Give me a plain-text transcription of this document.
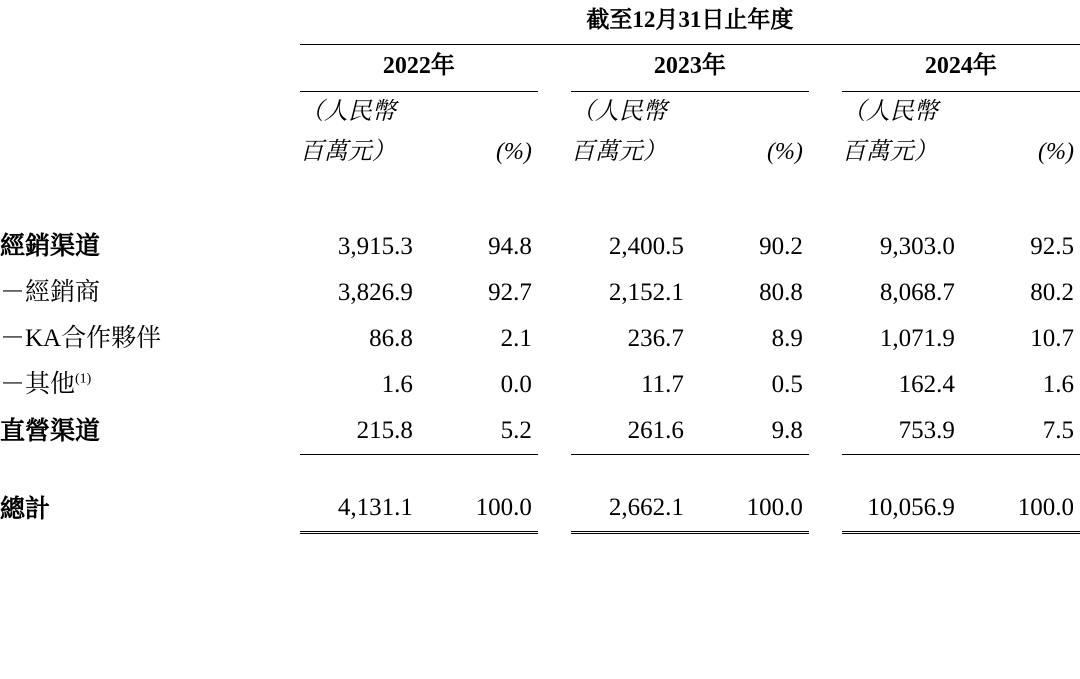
	截至12月31日止年度							
	2022年			2023年			2024年	
	（人民幣			（人民幣			（人民幣	
	百萬元）	(%)		百萬元）	(%)		百萬元）	(%)

經銷渠道	3,915.3	94.8		2,400.5	90.2		9,303.0	92.5
－經銷商	3,826.9	92.7		2,152.1	80.8		8,068.7	80.2
－KA合作夥伴	86.8	2.1		236.7	8.9		1,071.9	10.7
－其他$^{(1)}$	1.6	0.0		11.7	0.5		162.4	1.6
直營渠道	215.8	5.2		261.6	9.8		753.9	7.5

總計	4,131.1	100.0		2,662.1	100.0		10,056.9	100.0
